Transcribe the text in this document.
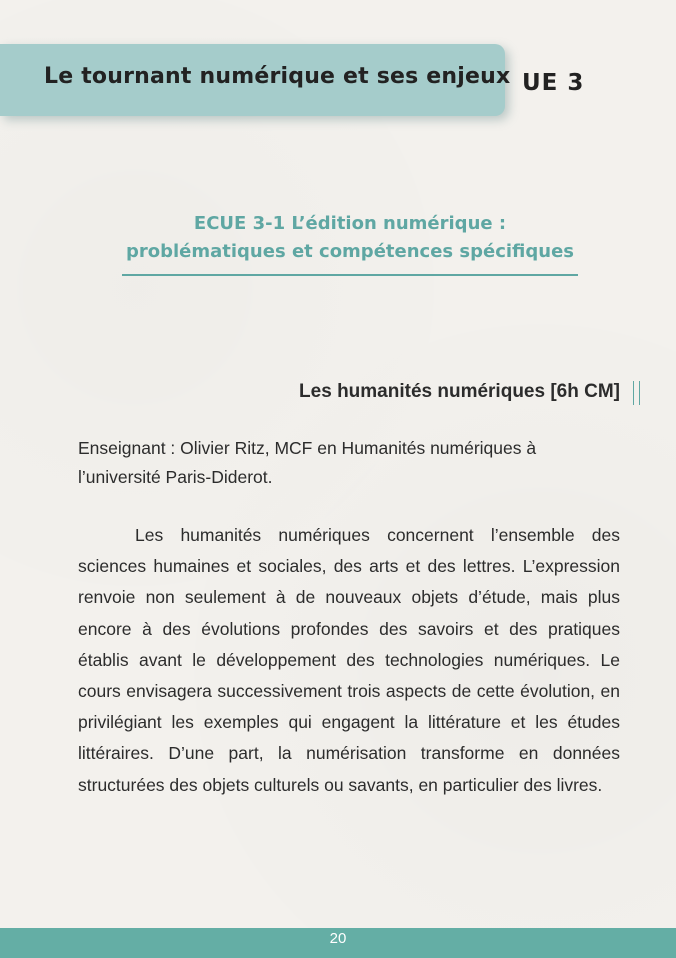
Le tournant numérique et ses enjeux UE 3
ECUE 3-1 L’édition numérique :
problématiques et compétences spécifiques
Les humanités numériques [6h CM]
Enseignant : Olivier Ritz, MCF en Humanités numériques à l’université Paris-Diderot.
Les humanités numériques concernent l’ensemble des sciences humaines et sociales, des arts et des lettres. L’expression renvoie non seulement à de nouveaux objets d’étude, mais plus encore à des évolutions profondes des savoirs et des pratiques établis avant le développement des technologies numériques. Le cours envisagera successivement trois aspects de cette évolution, en privilégiant les exemples qui engagent la littérature et les études littéraires. D’une part, la numérisation transforme en données structurées des objets culturels ou savants, en particulier des livres.
20
